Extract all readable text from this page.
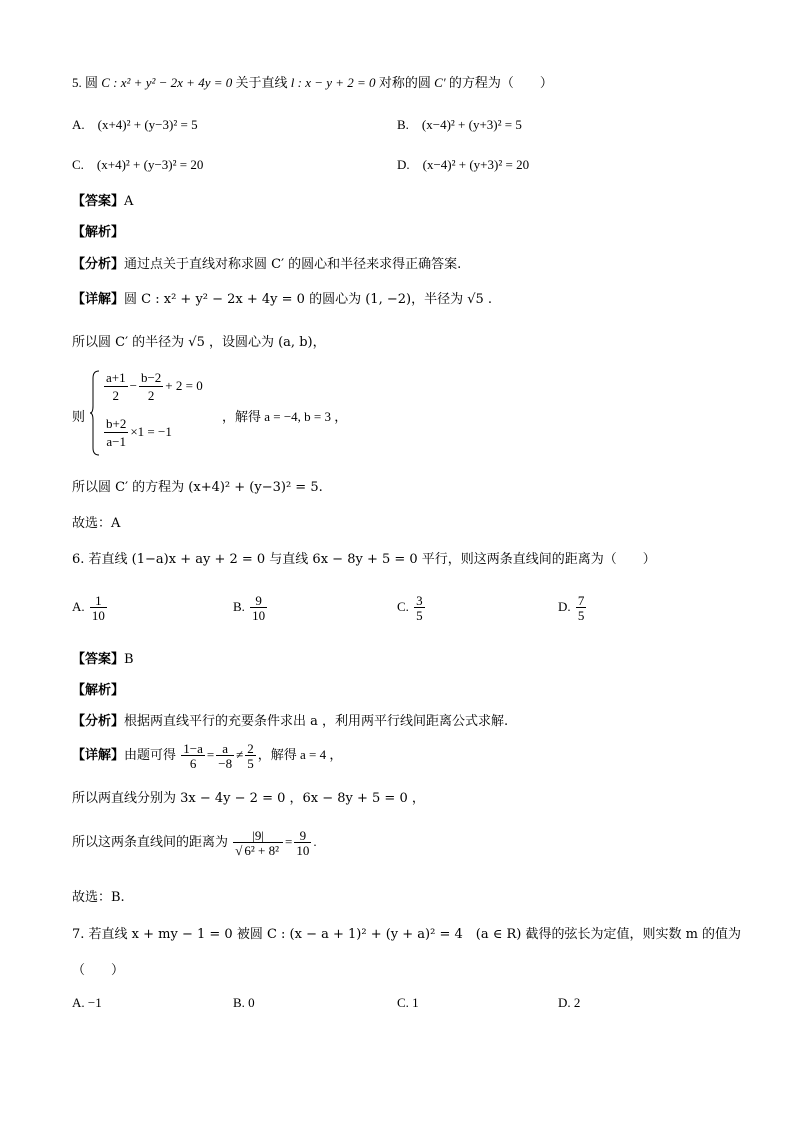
5. 圆 C : x² + y² − 2x + 4y = 0 关于直线 l : x − y + 2 = 0 对称的圆 C′ 的方程为（　　）
A.　(x+4)² + (y−3)² = 5	B.　(x−4)² + (y+3)² = 5
C.　(x+4)² + (y−3)² = 20	D.　(x−4)² + (y+3)² = 20
【答案】A
【解析】
【分析】通过点关于直线对称求圆 C′ 的圆心和半径来求得正确答案.
【详解】圆 C : x² + y² − 2x + 4y = 0 的圆心为 (1, −2)，半径为 √5 .
所以圆 C′ 的半径为 √5 ，设圆心为 (a, b)，
则
$\frac{a+1}{2} - \frac{b-2}{2} + 2 = 0$
$\frac{b+2}{a-1} \times 1 = -1$
，解得 a = −4, b = 3 ，
所以圆 C′ 的方程为 (x+4)² + (y−3)² = 5.
故选：A
6. 若直线 (1−a)x + ay + 2 = 0 与直线 6x − 8y + 5 = 0 平行，则这两条直线间的距离为（　　）
A. $\frac{1}{10}$	B. $\frac{9}{10}$	C. $\frac{3}{5}$	D. $\frac{7}{5}$
【答案】B
【解析】
【分析】根据两直线平行的充要条件求出 a ，利用两平行线间距离公式求解.
【详解】由题可得 $\frac{1-a}{6} = \frac{a}{-8} \ne \frac{2}{5}$ ，解得 a = 4 ，
所以两直线分别为 3x − 4y − 2 = 0 ，6x − 8y + 5 = 0 ，
所以这两条直线间的距离为 $\frac{|9|}{\text{√ 6² + 8²}} = \frac{9}{10}$ .
故选：B.
7. 若直线 x + my − 1 = 0 被圆 C : (x − a + 1)² + (y + a)² = 4　(a ∈ R) 截得的弦长为定值，则实数 m 的值为
（　　）
A. −1	B. 0	C. 1	D. 2
